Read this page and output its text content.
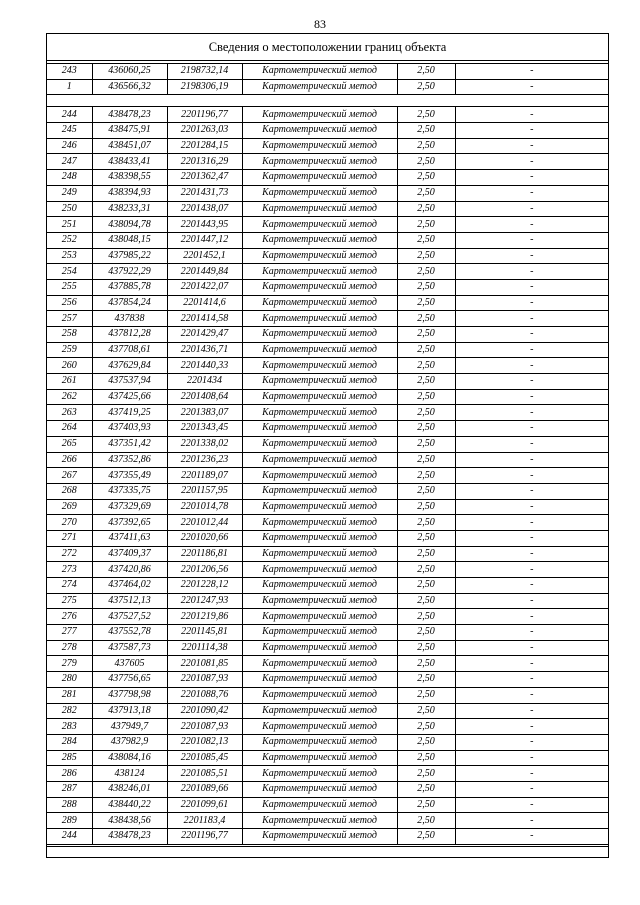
83
Сведения о местоположении границ объекта
243	436060,25	2198732,14	Картометрический метод	2,50	-
1	436566,32	2198306,19	Картометрический метод	2,50	-

244	438478,23	2201196,77	Картометрический метод	2,50	-
245	438475,91	2201263,03	Картометрический метод	2,50	-
246	438451,07	2201284,15	Картометрический метод	2,50	-
247	438433,41	2201316,29	Картометрический метод	2,50	-
248	438398,55	2201362,47	Картометрический метод	2,50	-
249	438394,93	2201431,73	Картометрический метод	2,50	-
250	438233,31	2201438,07	Картометрический метод	2,50	-
251	438094,78	2201443,95	Картометрический метод	2,50	-
252	438048,15	2201447,12	Картометрический метод	2,50	-
253	437985,22	2201452,1	Картометрический метод	2,50	-
254	437922,29	2201449,84	Картометрический метод	2,50	-
255	437885,78	2201422,07	Картометрический метод	2,50	-
256	437854,24	2201414,6	Картометрический метод	2,50	-
257	437838	2201414,58	Картометрический метод	2,50	-
258	437812,28	2201429,47	Картометрический метод	2,50	-
259	437708,61	2201436,71	Картометрический метод	2,50	-
260	437629,84	2201440,33	Картометрический метод	2,50	-
261	437537,94	2201434	Картометрический метод	2,50	-
262	437425,66	2201408,64	Картометрический метод	2,50	-
263	437419,25	2201383,07	Картометрический метод	2,50	-
264	437403,93	2201343,45	Картометрический метод	2,50	-
265	437351,42	2201338,02	Картометрический метод	2,50	-
266	437352,86	2201236,23	Картометрический метод	2,50	-
267	437355,49	2201189,07	Картометрический метод	2,50	-
268	437335,75	2201157,95	Картометрический метод	2,50	-
269	437329,69	2201014,78	Картометрический метод	2,50	-
270	437392,65	2201012,44	Картометрический метод	2,50	-
271	437411,63	2201020,66	Картометрический метод	2,50	-
272	437409,37	2201186,81	Картометрический метод	2,50	-
273	437420,86	2201206,56	Картометрический метод	2,50	-
274	437464,02	2201228,12	Картометрический метод	2,50	-
275	437512,13	2201247,93	Картометрический метод	2,50	-
276	437527,52	2201219,86	Картометрический метод	2,50	-
277	437552,78	2201145,81	Картометрический метод	2,50	-
278	437587,73	2201114,38	Картометрический метод	2,50	-
279	437605	2201081,85	Картометрический метод	2,50	-
280	437756,65	2201087,93	Картометрический метод	2,50	-
281	437798,98	2201088,76	Картометрический метод	2,50	-
282	437913,18	2201090,42	Картометрический метод	2,50	-
283	437949,7	2201087,93	Картометрический метод	2,50	-
284	437982,9	2201082,13	Картометрический метод	2,50	-
285	438084,16	2201085,45	Картометрический метод	2,50	-
286	438124	2201085,51	Картометрический метод	2,50	-
287	438246,01	2201089,66	Картометрический метод	2,50	-
288	438440,22	2201099,61	Картометрический метод	2,50	-
289	438438,56	2201183,4	Картометрический метод	2,50	-
244	438478,23	2201196,77	Картометрический метод	2,50	-
